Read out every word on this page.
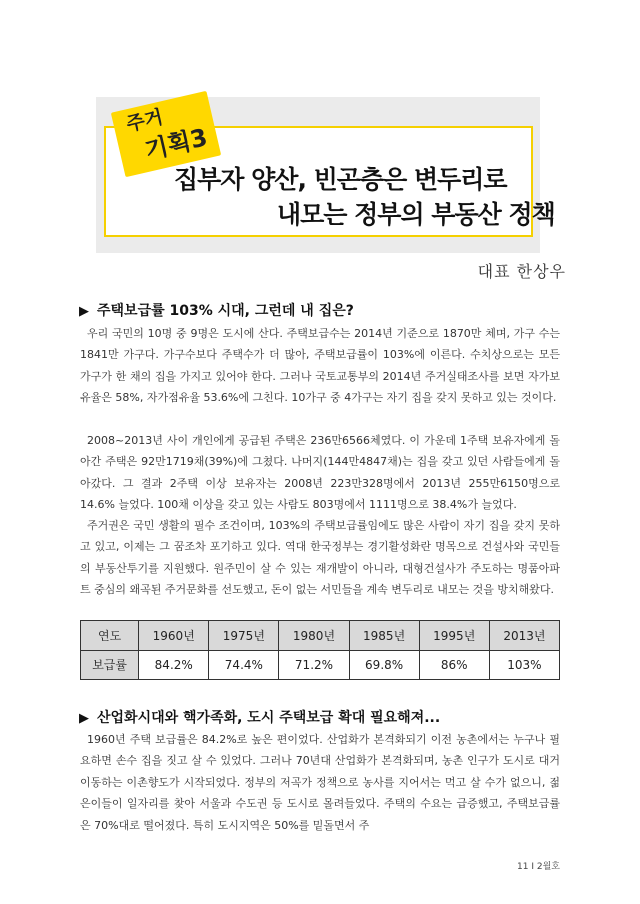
주거
기획3
집부자 양산, 빈곤층은 변두리로
내모는 정부의 부동산 정책
대표 한상우
▶ 주택보급률 103% 시대, 그런데 내 집은?

우리 국민의 10명 중 9명은 도시에 산다. 주택보급수는 2014년 기준으로 1870만 체며, 가구 수는 1841만 가구다. 가구수보다 주택수가 더 많아, 주택보급률이 103%에 이른다. 수치상으로는 모든 가구가 한 채의 집을 가지고 있어야 한다. 그러나 국토교통부의 2014년 주거실태조사를 보면 자가보유율은 58%, 자가점유율 53.6%에 그친다. 10가구 중 4가구는 자기 집을 갖지 못하고 있는 것이다.

2008~2013년 사이 개인에게 공급된 주택은 236만6566체였다. 이 가운데 1주택 보유자에게 돌아간 주택은 92만1719채(39%)에 그쳤다. 나머지(144만4847채)는 집을 갖고 있던 사람들에게 돌아갔다. 그 결과 2주택 이상 보유자는 2008년 223만328명에서 2013년 255만6150명으로 14.6% 늘었다. 100채 이상을 갖고 있는 사람도 803명에서 1111명으로 38.4%가 늘었다.

주거권은 국민 생활의 필수 조건이며, 103%의 주택보급률임에도 많은 사람이 자기 집을 갖지 못하고 있고, 이제는 그 꿈조차 포기하고 있다. 역대 한국정부는 경기활성화란 명목으로 건설사와 국민들의 부동산투기를 지원했다. 원주민이 살 수 있는 재개발이 아니라, 대형건설사가 주도하는 명품아파트 중심의 왜곡된 주거문화를 선도했고, 돈이 없는 서민들을 계속 변두리로 내모는 것을 방치해왔다.

연도	1960년	1975년	1980년	1985년	1995년	2013년
보급률	84.2%	74.4%	71.2%	69.8%	86%	103%
▶ 산업화시대와 핵가족화, 도시 주택보급 확대 필요해져...

1960년 주택 보급률은 84.2%로 높은 편이었다. 산업화가 본격화되기 이전 농촌에서는 누구나 필요하면 손수 집을 짓고 살 수 있었다. 그러나 70년대 산업화가 본격화되며, 농촌 인구가 도시로 대거 이동하는 이촌향도가 시작되었다. 정부의 저곡가 정책으로 농사를 지어서는 먹고 살 수가 없으니, 젊은이들이 일자리를 찾아 서울과 수도권 등 도시로 몰려들었다. 주택의 수요는 급증했고, 주택보급률은 70%대로 떨어졌다. 특히 도시지역은 50%를 밑돌면서 주

11 I 2월호
